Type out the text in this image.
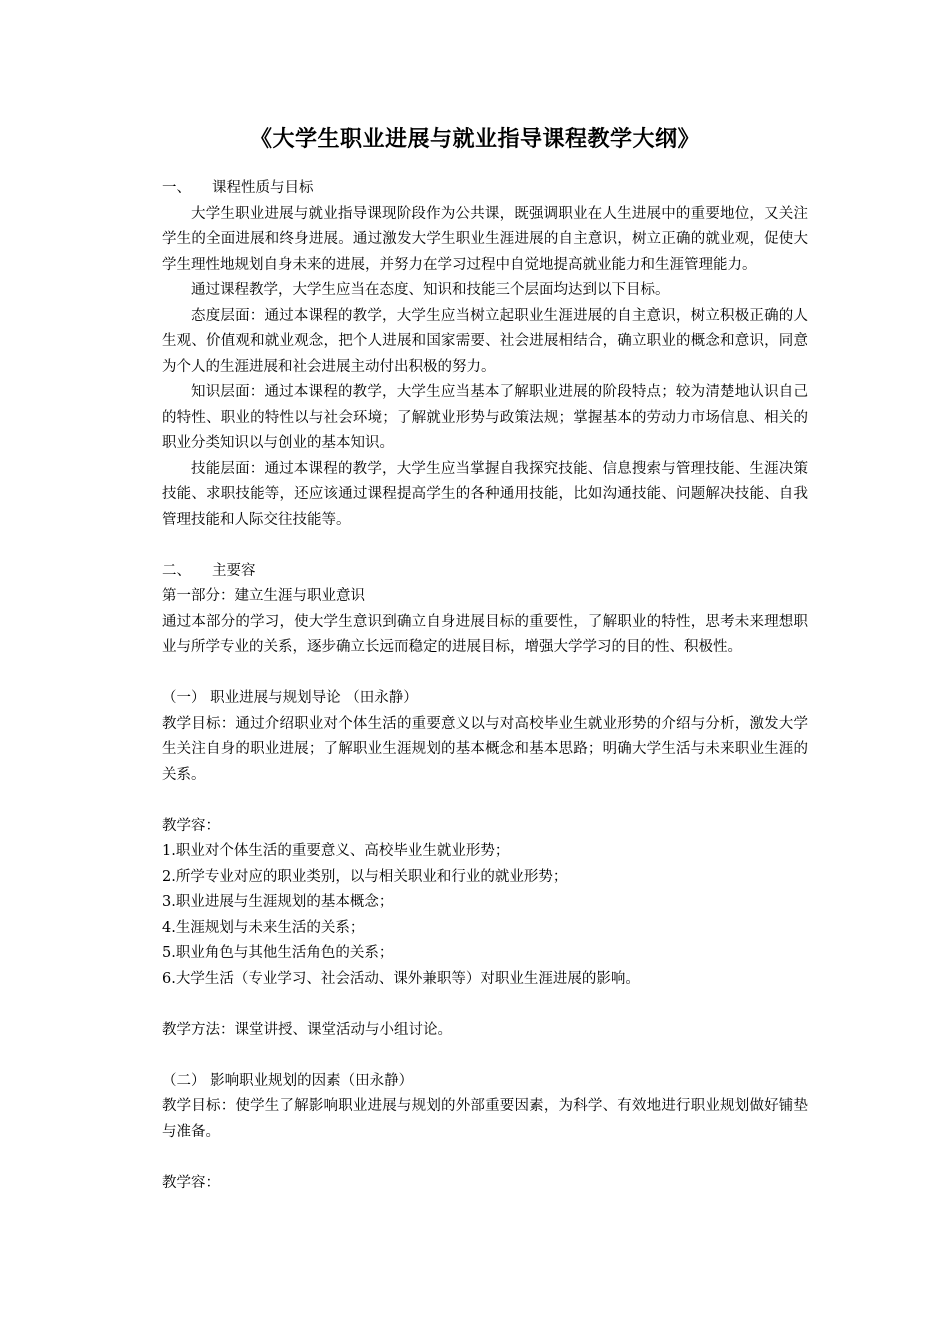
《大学生职业进展与就业指导课程教学大纲》

一、 课程性质与目标

大学生职业进展与就业指导课现阶段作为公共课，既强调职业在人生进展中的重要地位，又关注学生的全面进展和终身进展。通过激发大学生职业生涯进展的自主意识，树立正确的就业观，促使大学生理性地规划自身未来的进展，并努力在学习过程中自觉地提高就业能力和生涯管理能力。

通过课程教学，大学生应当在态度、知识和技能三个层面均达到以下目标。

态度层面：通过本课程的教学，大学生应当树立起职业生涯进展的自主意识，树立积极正确的人生观、价值观和就业观念，把个人进展和国家需要、社会进展相结合，确立职业的概念和意识，同意为个人的生涯进展和社会进展主动付出积极的努力。

知识层面：通过本课程的教学，大学生应当基本了解职业进展的阶段特点；较为清楚地认识自己的特性、职业的特性以与社会环境；了解就业形势与政策法规；掌握基本的劳动力市场信息、相关的职业分类知识以与创业的基本知识。

技能层面：通过本课程的教学，大学生应当掌握自我探究技能、信息搜索与管理技能、生涯决策技能、求职技能等，还应该通过课程提高学生的各种通用技能，比如沟通技能、问题解决技能、自我管理技能和人际交往技能等。

二、 主要容

第一部分：建立生涯与职业意识

通过本部分的学习，使大学生意识到确立自身进展目标的重要性，了解职业的特性，思考未来理想职业与所学专业的关系，逐步确立长远而稳定的进展目标，增强大学学习的目的性、积极性。

（一） 职业进展与规划导论 （田永静）

教学目标：通过介绍职业对个体生活的重要意义以与对高校毕业生就业形势的介绍与分析，激发大学生关注自身的职业进展；了解职业生涯规划的基本概念和基本思路；明确大学生活与未来职业生涯的关系。

教学容：

1.职业对个体生活的重要意义、高校毕业生就业形势；

2.所学专业对应的职业类别，以与相关职业和行业的就业形势；

3.职业进展与生涯规划的基本概念；

4.生涯规划与未来生活的关系；

5.职业角色与其他生活角色的关系；

6.大学生活（专业学习、社会活动、课外兼职等）对职业生涯进展的影响。

教学方法：课堂讲授、课堂活动与小组讨论。

（二） 影响职业规划的因素（田永静）

教学目标：使学生了解影响职业进展与规划的外部重要因素，为科学、有效地进行职业规划做好铺垫与准备。

教学容：
